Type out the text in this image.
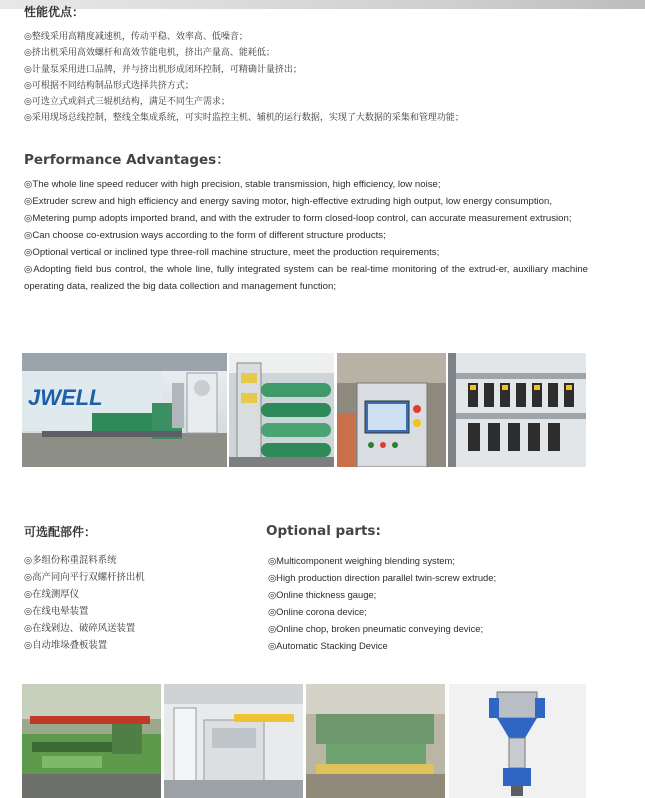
性能优点：
◎整线采用高精度减速机，传动平稳、效率高、低噪音；
◎挤出机采用高效螺杆和高效节能电机，挤出产量高、能耗低；
◎计量泵采用进口品牌，并与挤出机形成闭环控制，可精确计量挤出；
◎可根据不同结构制品形式选择共挤方式；
◎可选立式或斜式三辊机结构，满足不同生产需求；
◎采用现场总线控制，整线全集成系统，可实时监控主机、辅机的运行数据，实现了大数据的采集和管理功能；
Performance Advantages：
◎The whole line speed reducer with high precision, stable transmission, high efficiency, low noise;
◎Extruder screw and high efficiency and energy saving motor, high-effective extruding high output, low energy consumption,
◎Metering pump adopts imported brand, and with the extruder to form closed-loop control, can accurate measurement extrusion;
◎Can choose co-extrusion ways according to the form of different structure products;
◎Optional vertical or inclined type three-roll machine structure, meet the production requirements;
◎Adopting field bus control, the whole line, fully integrated system can be real-time monitoring of the extrud-er, auxiliary machine operating data, realized the big data collection and management function;
JWELL
可选配部件：
◎多组份称重混料系统
◎高产同向平行双螺杆挤出机
◎在线测厚仪
◎在线电晕装置
◎在线剁边、破碎风送装置
◎自动堆垛叠板装置
Optional parts:
◎Multicomponent weighing blending system;
◎High production direction parallel twin-screw extrude;
◎Online thickness gauge;
◎Online corona device;
◎Online chop, broken pneumatic conveying device;
◎Automatic Stacking Device
